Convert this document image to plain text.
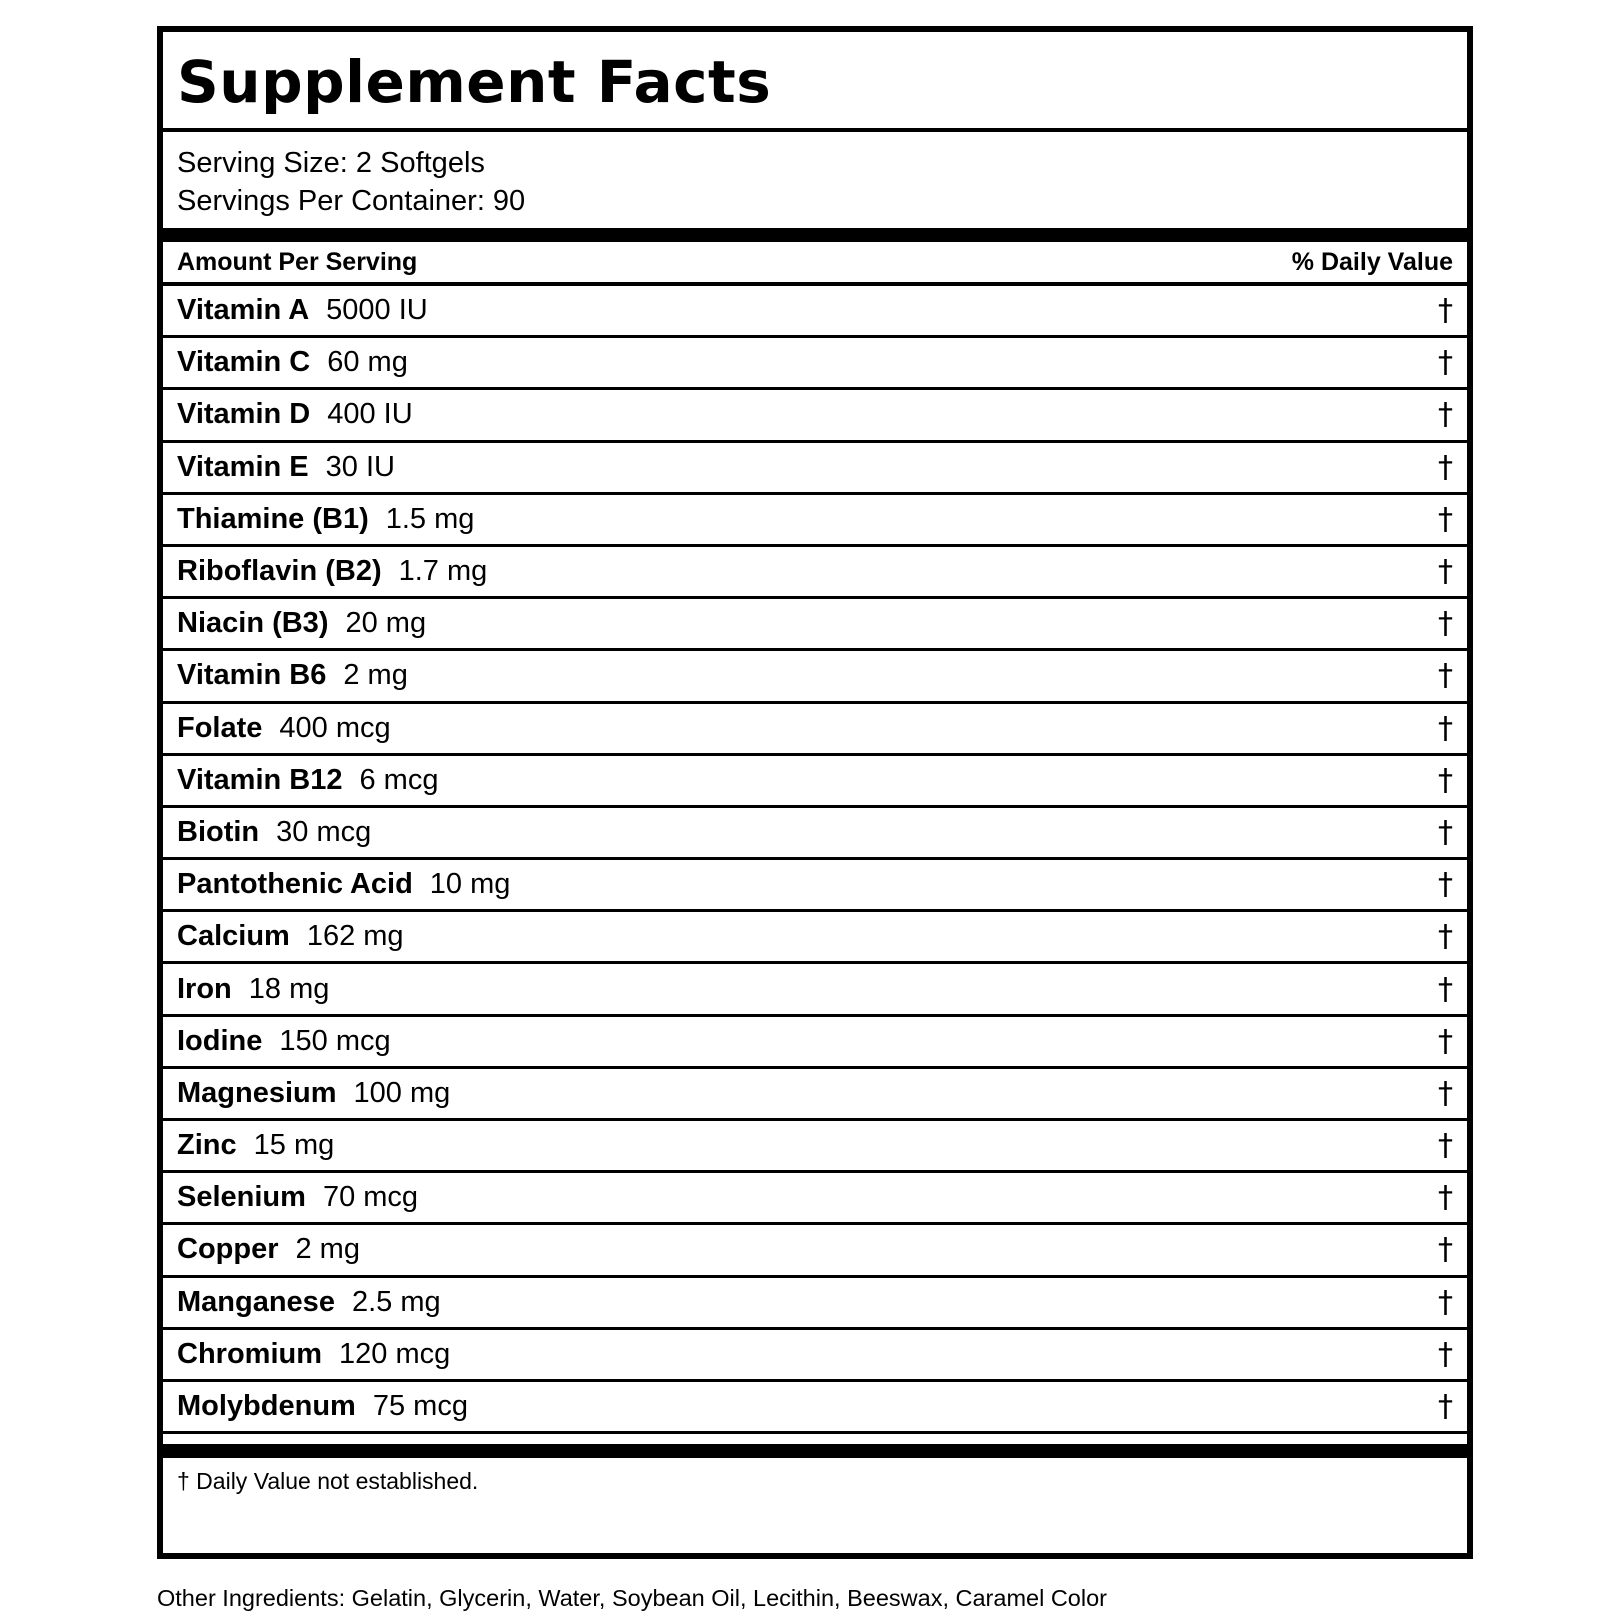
Supplement Facts
Serving Size: 2 Softgels
Servings Per Container: 90
Amount Per Serving	% Daily Value
Vitamin A 5000 IU	†
Vitamin C 60 mg	†
Vitamin D 400 IU	†
Vitamin E 30 IU	†
Thiamine (B1) 1.5 mg	†
Riboflavin (B2) 1.7 mg	†
Niacin (B3) 20 mg	†
Vitamin B6 2 mg	†
Folate 400 mcg	†
Vitamin B12 6 mcg	†
Biotin 30 mcg	†
Pantothenic Acid 10 mg	†
Calcium 162 mg	†
Iron 18 mg	†
Iodine 150 mcg	†
Magnesium 100 mg	†
Zinc 15 mg	†
Selenium 70 mcg	†
Copper 2 mg	†
Manganese 2.5 mg	†
Chromium 120 mcg	†
Molybdenum 75 mcg	†
† Daily Value not established.
Other Ingredients: Gelatin, Glycerin, Water, Soybean Oil, Lecithin, Beeswax, Caramel Color
